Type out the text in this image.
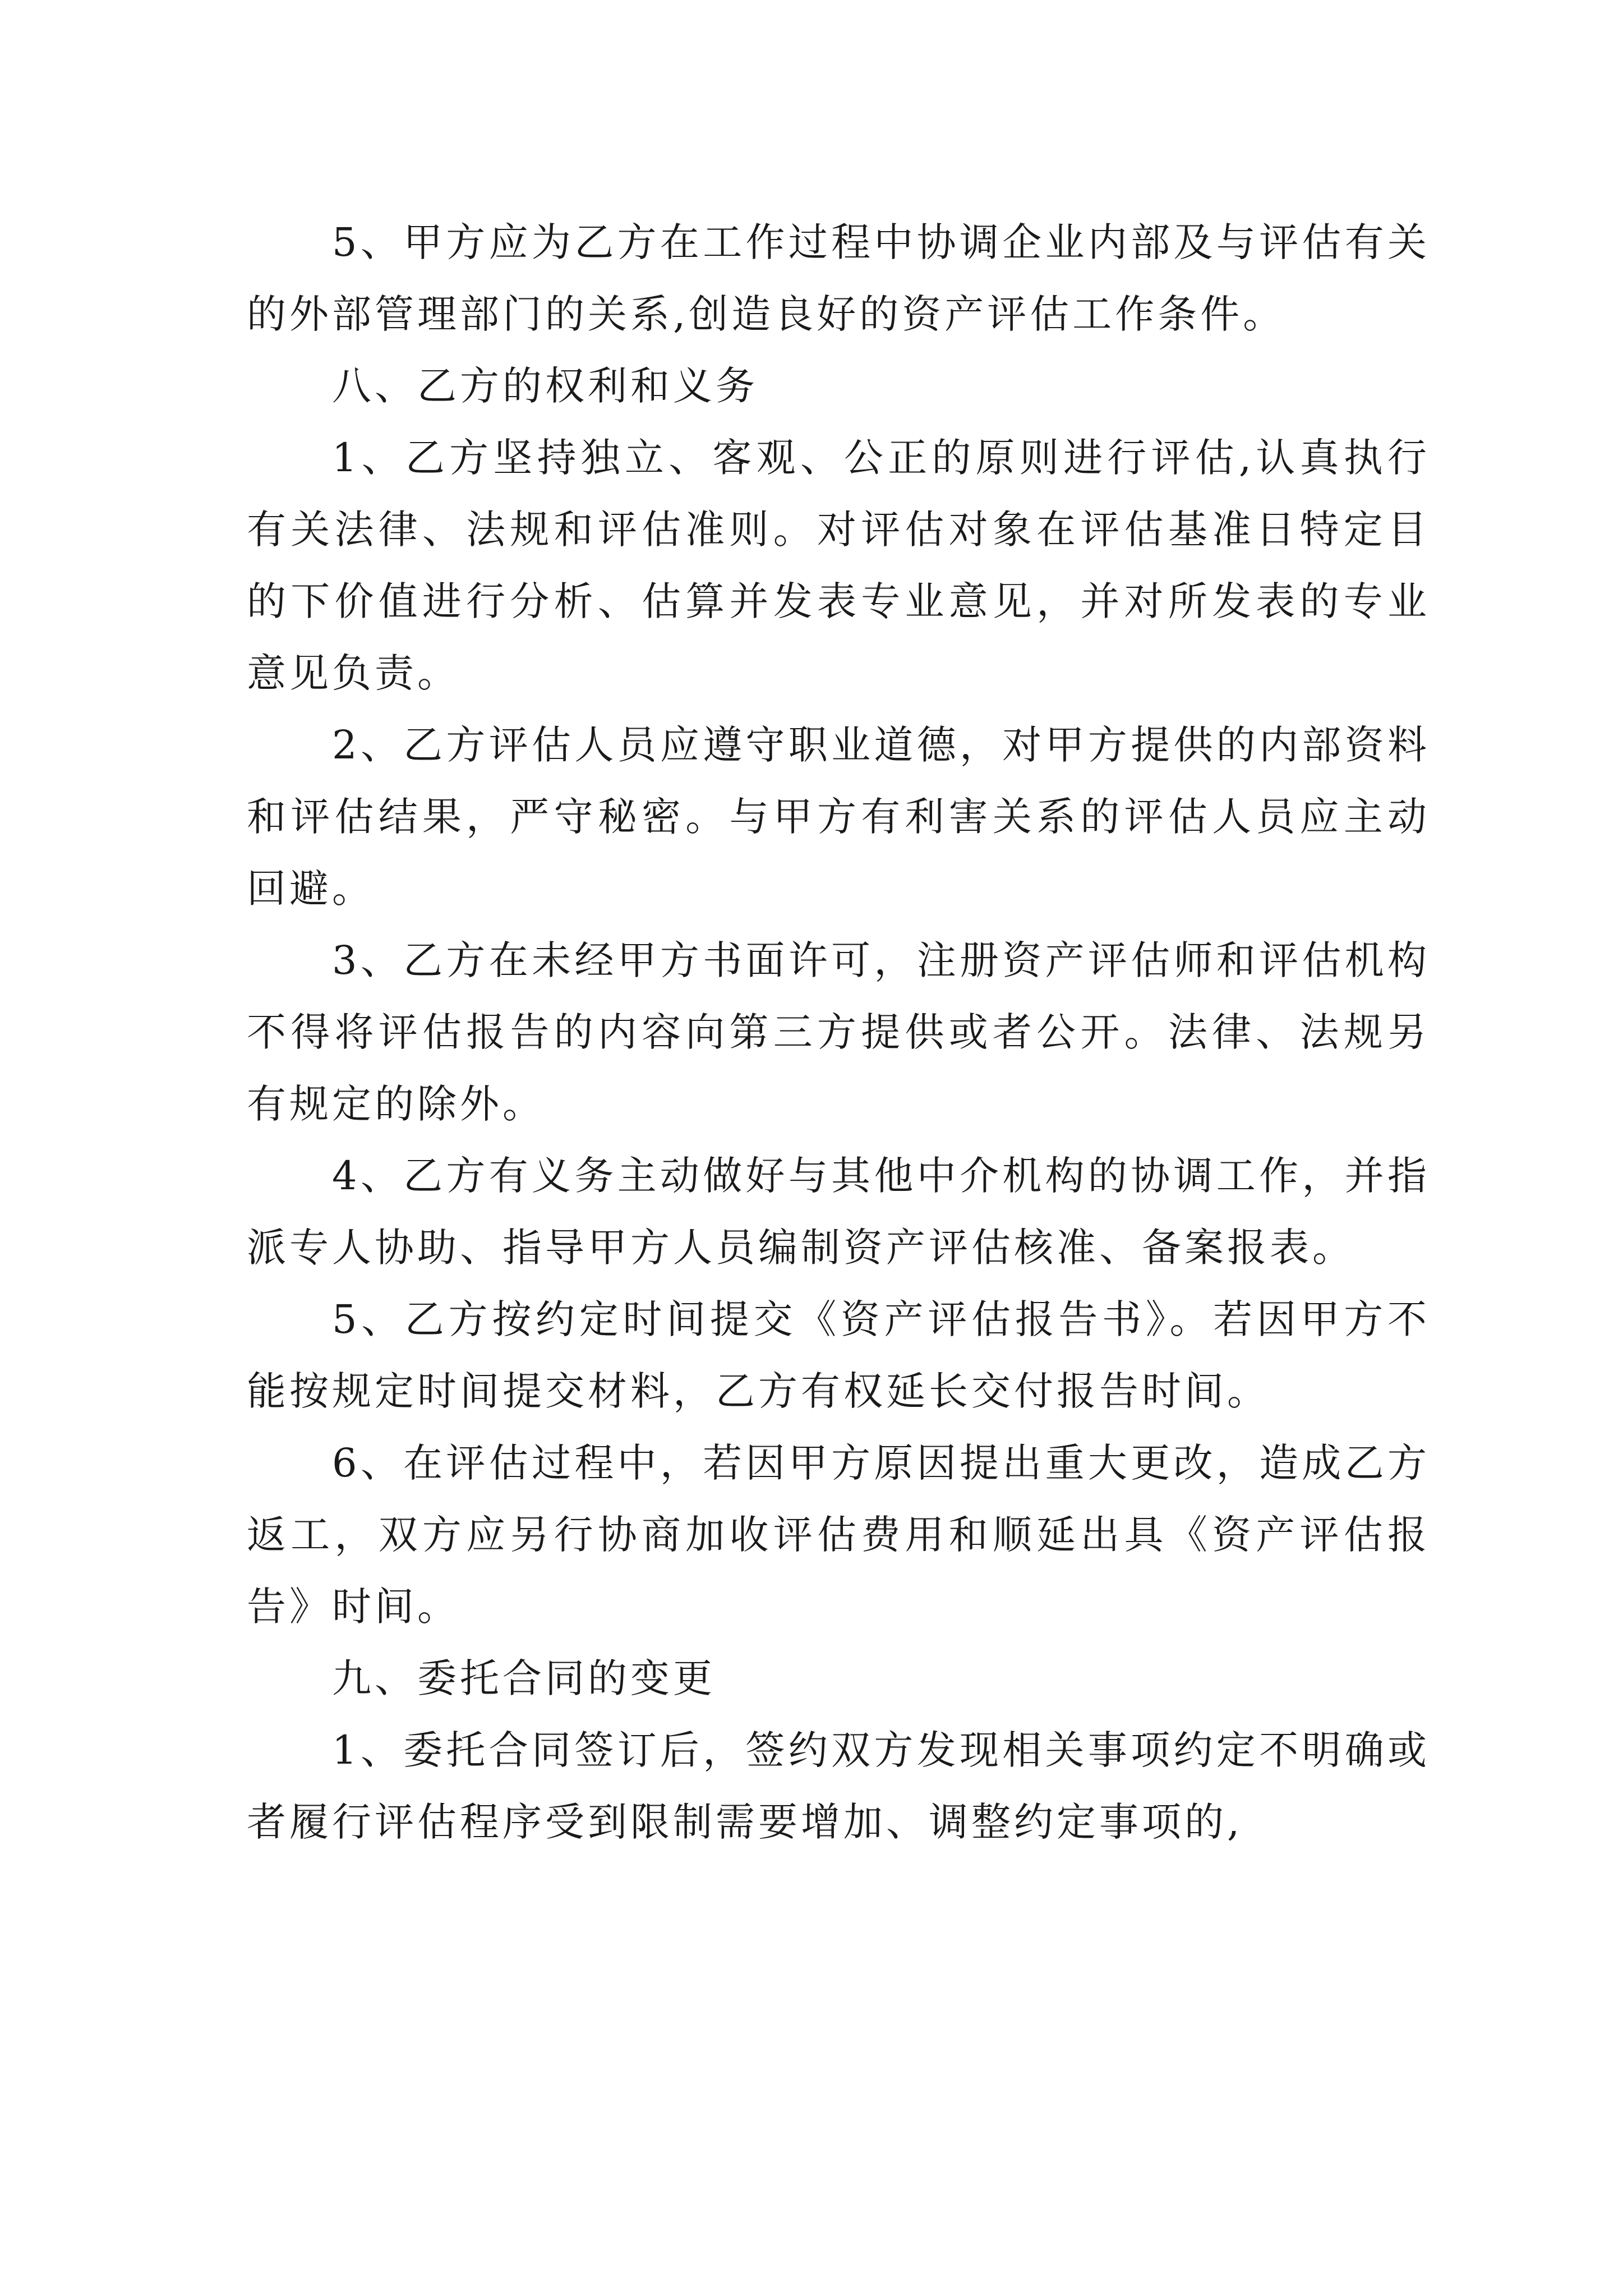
5、甲方应为乙方在工作过程中协调企业内部及与评估有关的外部管理部门的关系,创造良好的资产评估工作条件。

八、乙方的权利和义务

1、乙方坚持独立、客观、公正的原则进行评估,认真执行有关法律、法规和评估准则。对评估对象在评估基准日特定目的下价值进行分析、估算并发表专业意见，并对所发表的专业意见负责。

2、乙方评估人员应遵守职业道德，对甲方提供的内部资料和评估结果，严守秘密。与甲方有利害关系的评估人员应主动回避。

3、乙方在未经甲方书面许可，注册资产评估师和评估机构不得将评估报告的内容向第三方提供或者公开。法律、法规另有规定的除外。

4、乙方有义务主动做好与其他中介机构的协调工作，并指派专人协助、指导甲方人员编制资产评估核准、备案报表。

5、乙方按约定时间提交《资产评估报告书》。若因甲方不能按规定时间提交材料，乙方有权延长交付报告时间。

6、在评估过程中，若因甲方原因提出重大更改，造成乙方返工，双方应另行协商加收评估费用和顺延出具《资产评估报告》时间。

九、委托合同的变更

1、委托合同签订后，签约双方发现相关事项约定不明确或者履行评估程序受到限制需要增加、调整约定事项的,
